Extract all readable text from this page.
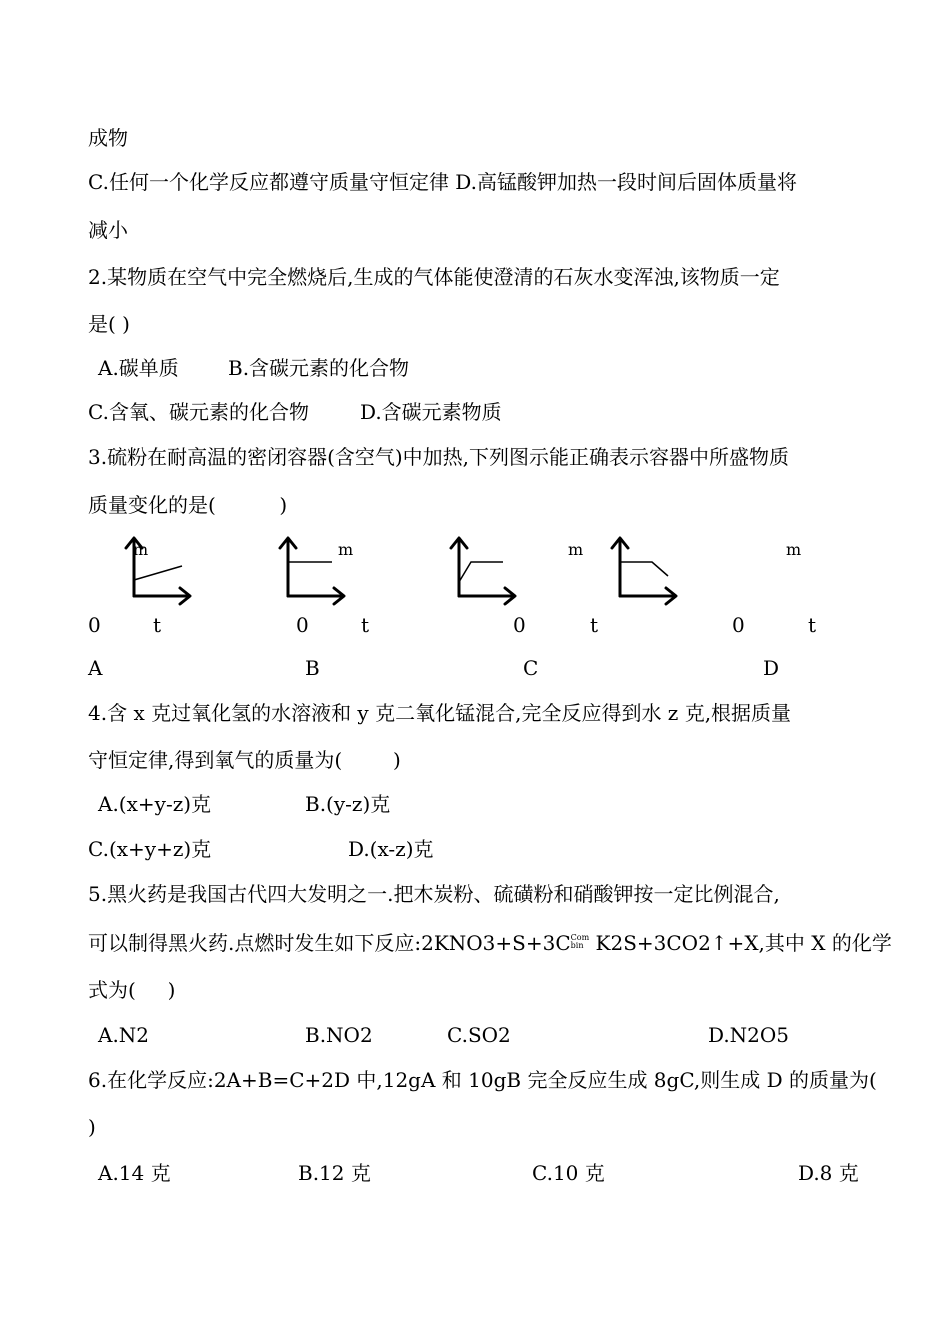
成物
C.任何一个化学反应都遵守质量守恒定律 D.高锰酸钾加热一段时间后固体质量将
减小
2.某物质在空气中完全燃烧后,生成的气体能使澄清的石灰水变浑浊,该物质一定
是( )
A.碳单质 B.含碳元素的化合物
C.含氧、碳元素的化合物	D.含碳元素物质
3.硫粉在耐高温的密闭容器(含空气)中加热,下列图示能正确表示容器中所盛物质
质量变化的是(          )
m	m	m	m
0	t	0	t	0	t	0	t
A	B	C	D
4.含 x 克过氧化氢的水溶液和 y 克二氧化锰混合,完全反应得到水 z 克,根据质量
守恒定律,得到氧气的质量为(        )
A.(x+y-z)克	B.(y-z)克
C.(x+y+z)克	D.(x-z)克
5.黑火药是我国古代四大发明之一.把木炭粉、硫磺粉和硝酸钾按一定比例混合,
可以制得黑火药.点燃时发生如下反应:2KNO3+S+3C Com
bin K2S+3CO2↑+X,其中 X 的化学
式为(     )
A.N2	B.NO2	C.SO2	D.N2O5
6.在化学反应:2A+B=C+2D 中,12gA 和 10gB 完全反应生成 8gC,则生成 D 的质量为(
)
A.14 克	B.12 克	C.10 克	D.8 克
